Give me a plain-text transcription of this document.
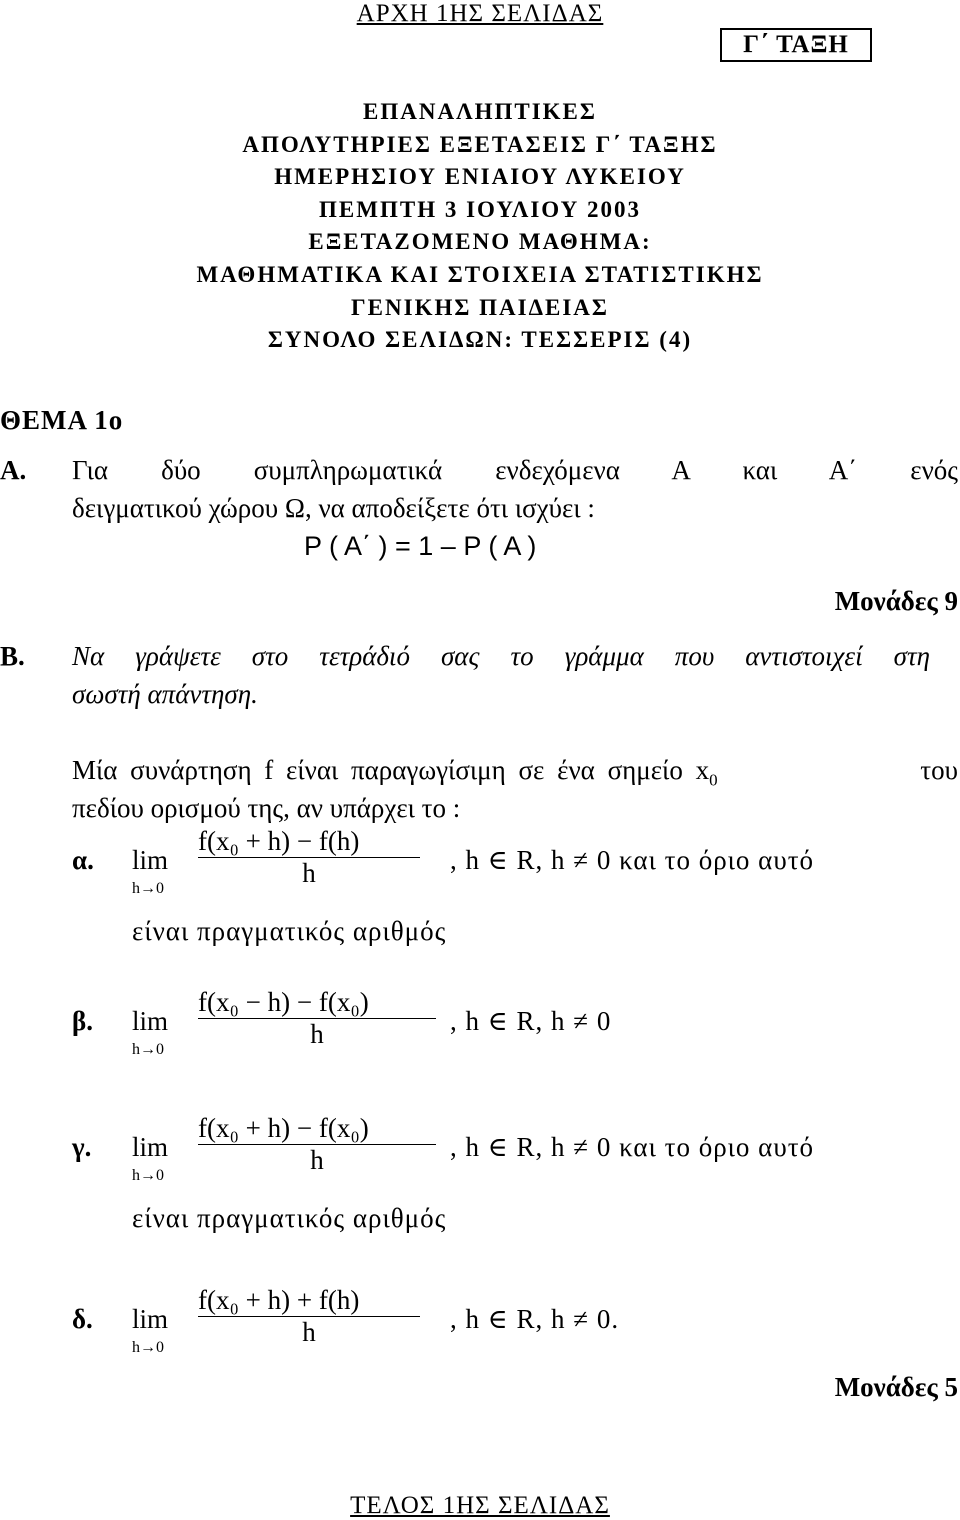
ΑΡΧΗ 1ΗΣ ΣΕΛΙΔΑΣ
Γ΄ ΤΑΞΗ
ΕΠΑΝΑΛΗΠΤΙΚΕΣ
ΑΠΟΛΥΤΗΡΙΕΣ ΕΞΕΤΑΣΕΙΣ Γ΄ ΤΑΞΗΣ
ΗΜΕΡΗΣΙΟΥ ΕΝΙΑΙΟΥ ΛΥΚΕΙΟΥ
ΠΕΜΠΤΗ 3 ΙΟΥΛΙΟΥ 2003
ΕΞΕΤΑΖΟΜΕΝΟ ΜΑΘΗΜΑ:
ΜΑΘΗΜΑΤΙΚΑ ΚΑΙ ΣΤΟΙΧΕΙΑ ΣΤΑΤΙΣΤΙΚΗΣ
ΓΕΝΙΚΗΣ ΠΑΙΔΕΙΑΣ
ΣΥΝΟΛΟ ΣΕΛΙΔΩΝ: ΤΕΣΣΕΡΙΣ (4)
ΘΕΜΑ 1ο
Α. Για δύο συμπληρωματικά ενδεχόμενα Α και Α΄ ενός
δειγματικού χώρου Ω, να αποδείξετε ότι ισχύει :
P ( A΄ ) = 1 – P ( A )
Μονάδες 9
Β. Να γράψετε στο τετράδιό σας το γράμμα που αντιστοιχεί στη
σωστή απάντηση.
Μία συνάρτηση f είναι παραγωγίσιμη σε ένα σημείο $x_0$	του
πεδίου ορισμού της, αν υπάρχει το :
α. lim
h→0
f(x₀ + h) − f(h)
h	, h ∈ R, h ≠ 0 και το όριο αυτό
είναι πραγματικός αριθμός
β. lim
h→0
f(x₀ − h) − f(x₀)
h	, h ∈ R, h ≠ 0
γ. lim
h→0
f(x₀ + h) − f(x₀)
h	, h ∈ R, h ≠ 0 και το όριο αυτό
είναι πραγματικός αριθμός
δ. lim
h→0
f(x₀ + h) + f(h)
h	, h ∈ R, h ≠ 0.
Μονάδες 5
ΤΕΛΟΣ 1ΗΣ ΣΕΛΙΔΑΣ
